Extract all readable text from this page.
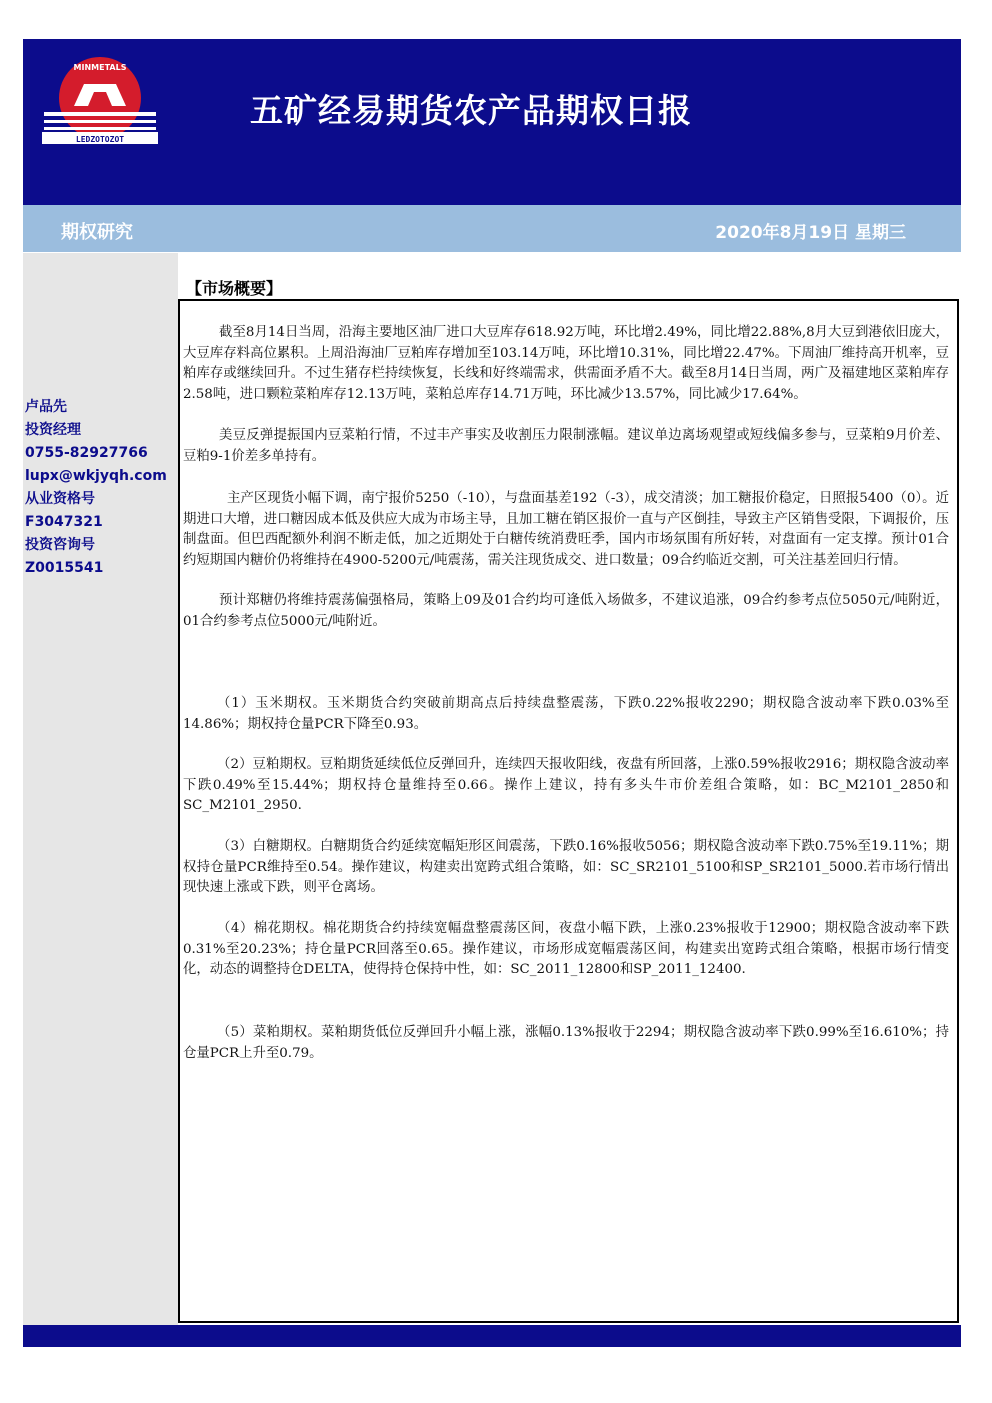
LEDZOTOZOT
MINMETALS
五矿经易期货农产品期权日报
期权研究	2020年8月19日 星期三
卢品先
投资经理
0755-82927766
lupx@wkjyqh.com
从业资格号
F3047321
投资咨询号
Z0015541
【市场概要】

截至8月14日当周，沿海主要地区油厂进口大豆库存618.92万吨，环比增2.49%，同比增22.88%,8月大豆到港依旧庞大，大豆库存料高位累积。上周沿海油厂豆粕库存增加至103.14万吨，环比增10.31%，同比增22.47%。下周油厂维持高开机率，豆粕库存或继续回升。不过生猪存栏持续恢复，长线和好终端需求，供需面矛盾不大。截至8月14日当周，两广及福建地区菜粕库存2.58吨，进口颗粒菜粕库存12.13万吨，菜粕总库存14.71万吨，环比减少13.57%，同比减少17.64%。

美豆反弹提振国内豆菜粕行情，不过丰产事实及收割压力限制涨幅。建议单边离场观望或短线偏多参与，豆菜粕9月价差、豆粕9-1价差多单持有。

主产区现货小幅下调，南宁报价5250（-10），与盘面基差192（-3），成交清淡；加工糖报价稳定，日照报5400（0）。近期进口大增，进口糖因成本低及供应大成为市场主导，且加工糖在销区报价一直与产区倒挂，导致主产区销售受限，下调报价，压制盘面。但巴西配额外利润不断走低，加之近期处于白糖传统消费旺季，国内市场氛围有所好转，对盘面有一定支撑。预计01合约短期国内糖价仍将维持在4900-5200元/吨震荡，需关注现货成交、进口数量；09合约临近交割，可关注基差回归行情。

预计郑糖仍将维持震荡偏强格局，策略上09及01合约均可逢低入场做多，不建议追涨，09合约参考点位5050元/吨附近，01合约参考点位5000元/吨附近。

（1）玉米期权。玉米期货合约突破前期高点后持续盘整震荡，下跌0.22%报收2290；期权隐含波动率下跌0.03%至14.86%；期权持仓量PCR下降至0.93。

（2）豆粕期权。豆粕期货延续低位反弹回升，连续四天报收阳线，夜盘有所回落，上涨0.59%报收2916；期权隐含波动率下跌0.49%至15.44%；期权持仓量维持至0.66。操作上建议，持有多头牛市价差组合策略，如：BC_M2101_2850和SC_M2101_2950.

（3）白糖期权。白糖期货合约延续宽幅矩形区间震荡，下跌0.16%报收5056；期权隐含波动率下跌0.75%至19.11%；期权持仓量PCR维持至0.54。操作建议，构建卖出宽跨式组合策略，如：SC_SR2101_5100和SP_SR2101_5000.若市场行情出现快速上涨或下跌，则平仓离场。

（4）棉花期权。棉花期货合约持续宽幅盘整震荡区间，夜盘小幅下跌，上涨0.23%报收于12900；期权隐含波动率下跌0.31%至20.23%；持仓量PCR回落至0.65。操作建议，市场形成宽幅震荡区间，构建卖出宽跨式组合策略，根据市场行情变化，动态的调整持仓DELTA，使得持仓保持中性，如：SC_2011_12800和SP_2011_12400.

（5）菜粕期权。菜粕期货低位反弹回升小幅上涨，涨幅0.13%报收于2294；期权隐含波动率下跌0.99%至16.610%；持仓量PCR上升至0.79。
